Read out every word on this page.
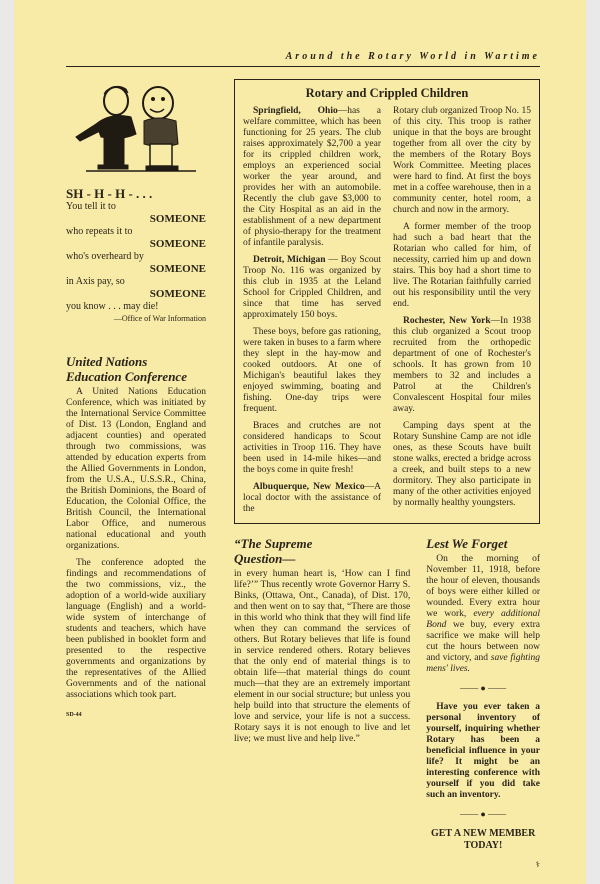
Around the Rotary World in Wartime
SH - H - H - . . .
You tell it to
SOMEONE
who repeats it to
SOMEONE
who's overheard by
SOMEONE
in Axis pay, so
SOMEONE
you know . . . may die!
—Office of War Information
United Nations
Education Conference

A United Nations Education Conference, which was initiated by the International Service Committee of Dist. 13 (London, England and adjacent counties) and operated through two commissions, was attended by education experts from the Allied Governments in London, from the U.S.A., U.S.S.R., China, the British Dominions, the Board of Education, the Colonial Office, the British Council, the International Labor Office, and numerous national educational and youth organizations.

The conference adopted the findings and recommendations of the two commissions, viz., the adoption of a world-wide auxiliary language (English) and a world-wide system of interchange of students and teachers, which have been published in booklet form and presented to the respective governments and organizations by the representatives of the Allied Governments and of the national associations which took part.

SD-44
Rotary and Crippled Children

Springfield, Ohio—has a welfare committee, which has been functioning for 25 years. The club raises approximately $2,700 a year for its crippled children work, employs an experienced social worker the year around, and provides her with an automobile. Recently the club gave $3,000 to the City Hospital as an aid in the establishment of a new department of physio-therapy for the treatment of infantile paralysis.

Detroit, Michigan — Boy Scout Troop No. 116 was organized by this club in 1935 at the Leland School for Crippled Children, and since that time has served approximately 150 boys.

These boys, before gas rationing, were taken in buses to a farm where they slept in the hay-mow and cooked outdoors. At one of Michigan's beautiful lakes they enjoyed swimming, boating and fishing. One-day trips were frequent.

Braces and crutches are not considered handicaps to Scout activities in Troop 116. They have been used in 14-mile hikes—and the boys come in quite fresh!

Albuquerque, New Mexico—A local doctor with the assistance of the

Rotary club organized Troop No. 15 of this city. This troop is rather unique in that the boys are brought together from all over the city by the members of the Rotary Boys Work Committee. Meeting places were hard to find. At first the boys met in a coffee warehouse, then in a community center, hotel room, a church and now in the armory.

A former member of the troop had such a bad heart that the Rotarian who called for him, of necessity, carried him up and down stairs. This boy had a short time to live. The Rotarian faithfully carried out his responsibility until the very end.

Rochester, New York—In 1938 this club organized a Scout troop recruited from the orthopedic department of one of Rochester's schools. It has grown from 10 members to 32 and includes a Patrol at the Children's Convalescent Hospital four miles away.

Camping days spent at the Rotary Sunshine Camp are not idle ones, as these Scouts have built stone walks, erected a bridge across a creek, and built steps to a new dormitory. They also participate in many of the other activities enjoyed by normally healthy youngsters.

“The Supreme
Question—

in every human heart is, ‘How can I find life?’” Thus recently wrote Governor Harry S. Binks, (Ottawa, Ont., Canada), of Dist. 170, and then went on to say that, “There are those in this world who think that they will find life when they can command the services of others. But Rotary believes that life is found in service rendered others. Rotary believes that the only end of material things is to obtain life—that material things do count much—that they are an extremely important element in our social structure; but unless you help build into that structure the elements of love and service, your life is not a success. Rotary says it is not enough to live and let live; we must live and help live.”

Lest We Forget

On the morning of November 11, 1918, before the hour of eleven, thousands of boys were either killed or wounded. Every extra hour we work, every additional Bond we buy, every extra sacrifice we make will help cut the hours between now and victory, and save fighting mens' lives.

—— ● ——

Have you ever taken a personal inventory of yourself, inquiring whether Rotary has been a beneficial influence in your life? It might be an interesting conference with yourself if you did take such an inventory.

—— ● ——

GET A NEW MEMBER TODAY!

⚕
